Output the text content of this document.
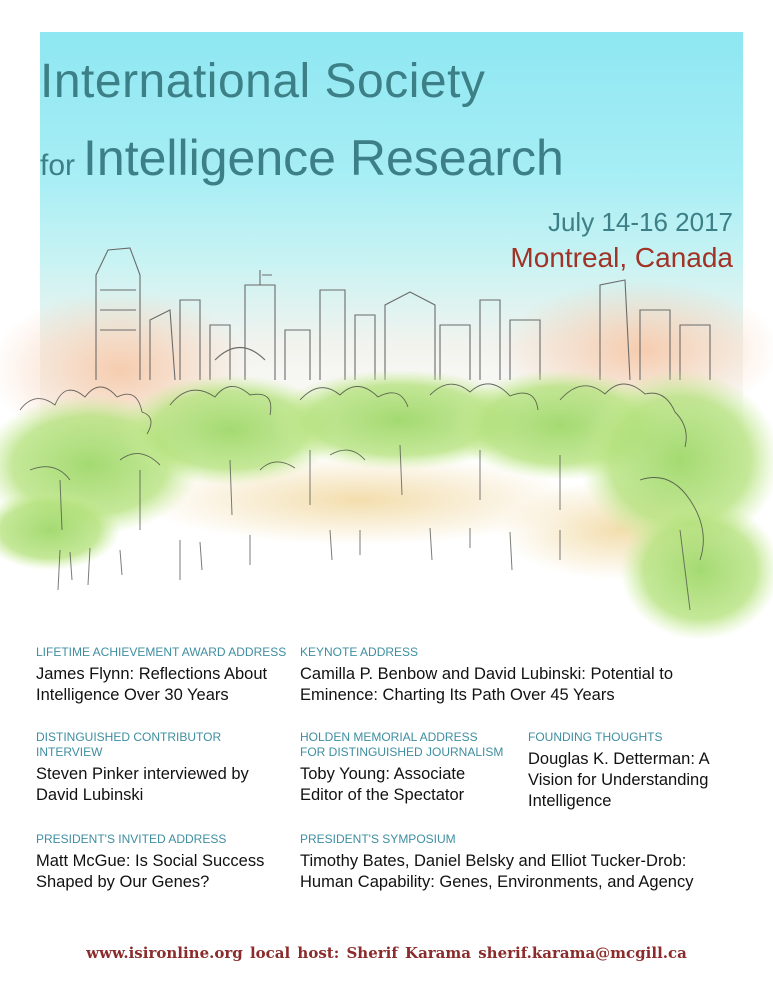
International Society
for Intelligence Research
July 14-16 2017
Montreal, Canada
LIFETIME ACHIEVEMENT AWARD ADDRESS
James Flynn: Reflections About Intelligence Over 30 Years
KEYNOTE ADDRESS
Camilla P. Benbow and David Lubinski: Potential to Eminence: Charting Its Path Over 45 Years
DISTINGUISHED CONTRIBUTOR INTERVIEW
Steven Pinker interviewed by David Lubinski
HOLDEN MEMORIAL ADDRESS FOR DISTINGUISHED JOURNALISM
Toby Young: Associate Editor of the Spectator
FOUNDING THOUGHTS
Douglas K. Detterman: A Vision for Understanding Intelligence
PRESIDENT'S INVITED ADDRESS
Matt McGue: Is Social Success Shaped by Our Genes?
PRESIDENT'S SYMPOSIUM
Timothy Bates, Daniel Belsky and Elliot Tucker-Drob: Human Capability: Genes, Environments, and Agency
www.isironline.org local host: Sherif Karama sherif.karama@mcgill.ca
